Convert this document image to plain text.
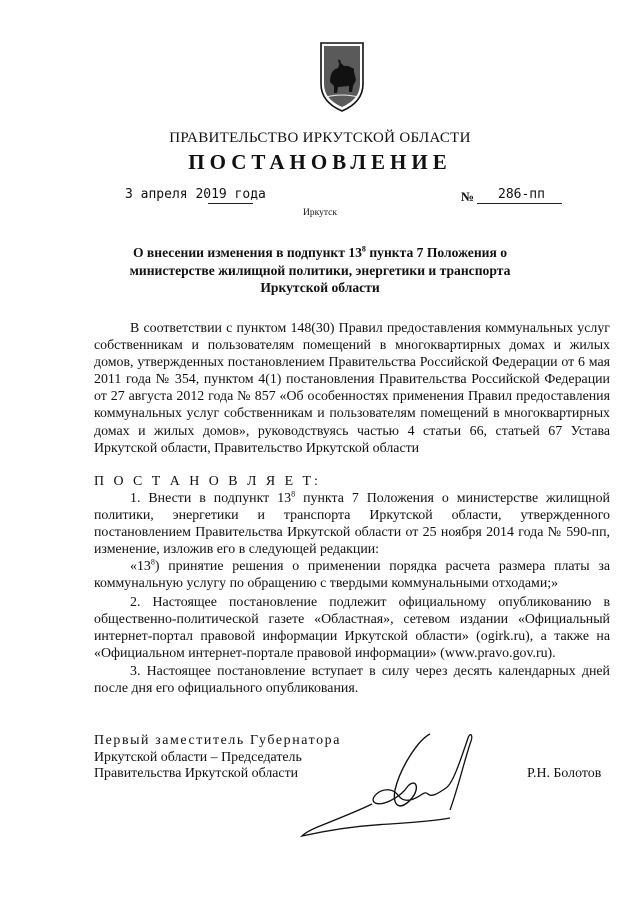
ПРАВИТЕЛЬСТВО ИРКУТСКОЙ ОБЛАСТИ
ПОСТАНОВЛЕНИЕ
3 апреля 2019 года	№ 286-пп
Иркутск
О внесении изменения в подпункт $13^8$ пункта 7 Положения о
министерстве жилищной политики, энергетики и транспорта
Иркутской области
В соответствии с пунктом 148(30) Правил предоставления коммунальных услуг собственникам и пользователям помещений в многоквартирных домах и жилых домов, утвержденных постановлением Правительства Российской Федерации от 6 мая 2011 года № 354, пунктом 4(1) постановления Правительства Российской Федерации от 27 августа 2012 года № 857 «Об особенностях применения Правил предоставления коммунальных услуг собственникам и пользователям помещений в многоквартирных домах и жилых домов», руководствуясь частью 4 статьи 66, статьей 67 Устава Иркутской области, Правительство Иркутской области
П О С Т А Н О В Л Я Е Т:
1. Внести в подпункт $13^8$ пункта 7 Положения о министерстве жилищной политики, энергетики и транспорта Иркутской области, утвержденного постановлением Правительства Иркутской области от 25 ноября 2014 года № 590-пп, изменение, изложив его в следующей редакции:
«$13^8$) принятие решения о применении порядка расчета размера платы за коммунальную услугу по обращению с твердыми коммунальными отходами;»
2. Настоящее постановление подлежит официальному опубликованию в общественно-политической газете «Областная», сетевом издании «Официальный интернет-портал правовой информации Иркутской области» (ogirk.ru), а также на «Официальном интернет-портале правовой информации» (www.pravo.gov.ru).
3. Настоящее постановление вступает в силу через десять календарных дней после дня его официального опубликования.
Первый заместитель Губернатора
Иркутской области – Председатель
Правительства Иркутской области	Р.Н. Болотов
